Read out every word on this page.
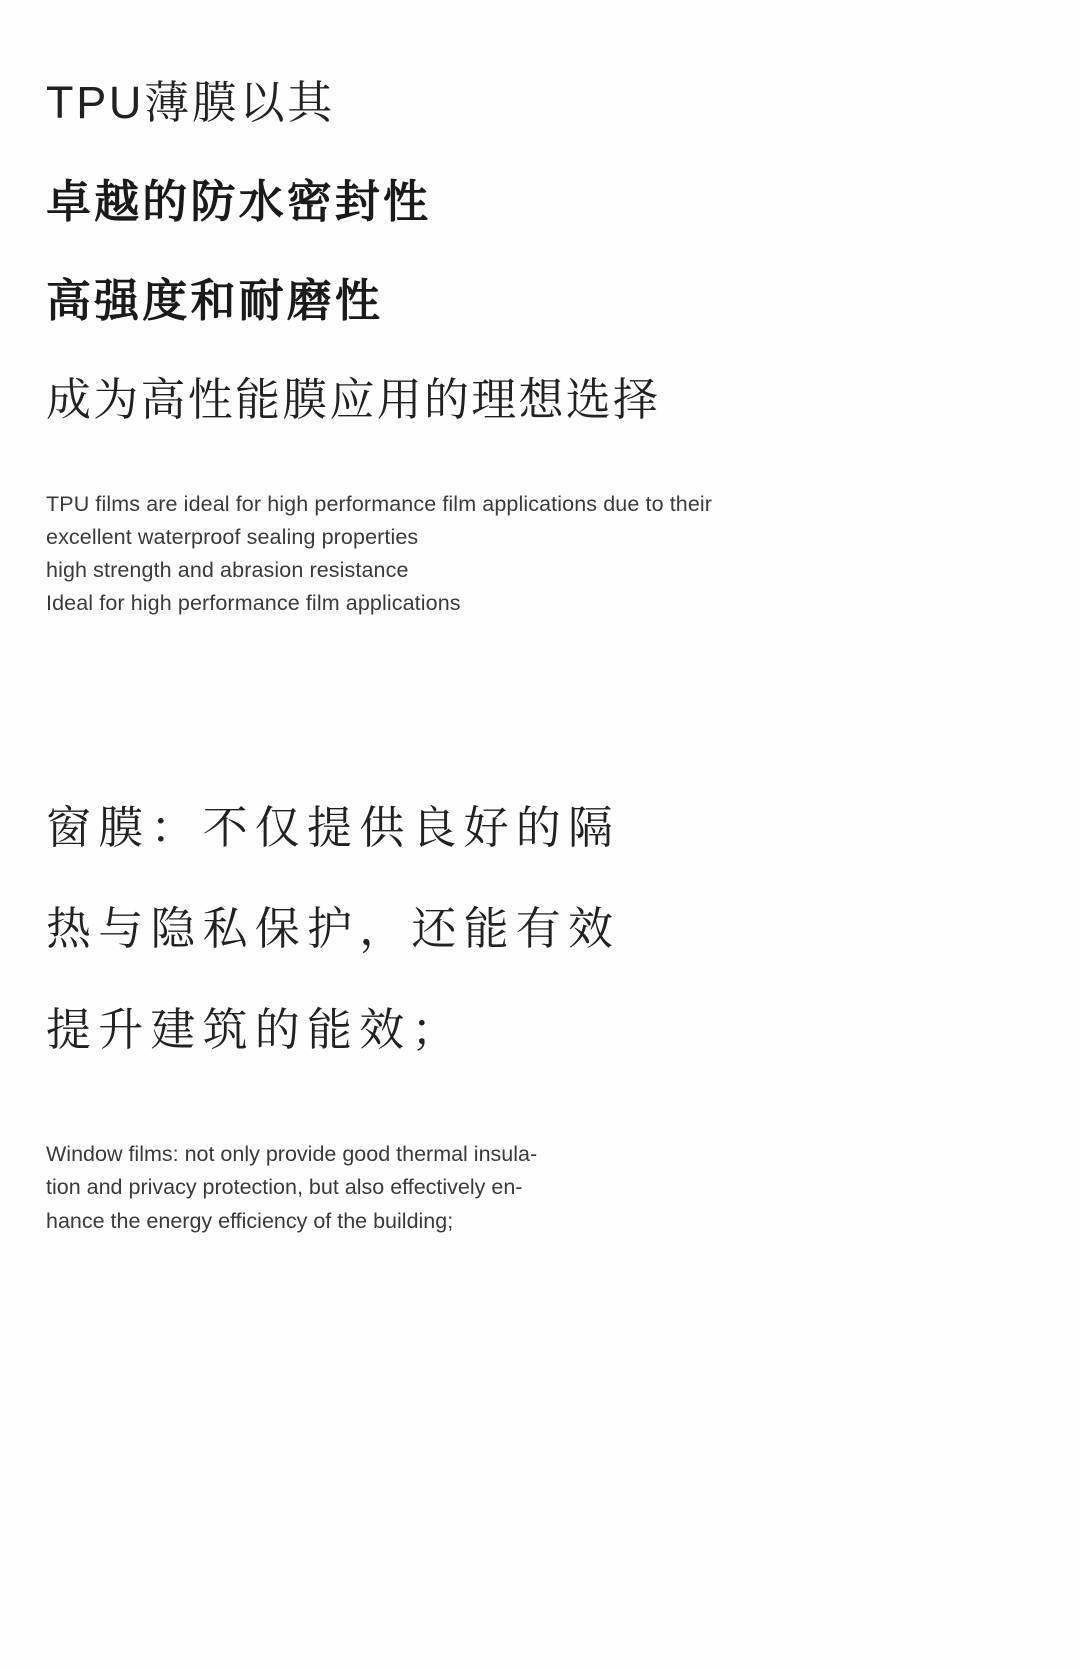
TPU薄膜以其
卓越的防水密封性
高强度和耐磨性
成为高性能膜应用的理想选择
TPU films are ideal for high performance film applications due to their
excellent waterproof sealing properties
high strength and abrasion resistance
Ideal for high performance film applications
窗膜：不仅提供良好的隔
热与隐私保护，还能有效
提升建筑的能效；
Window films: not only provide good thermal insula-
tion and privacy protection, but also effectively en-
hance the energy efficiency of the building;
